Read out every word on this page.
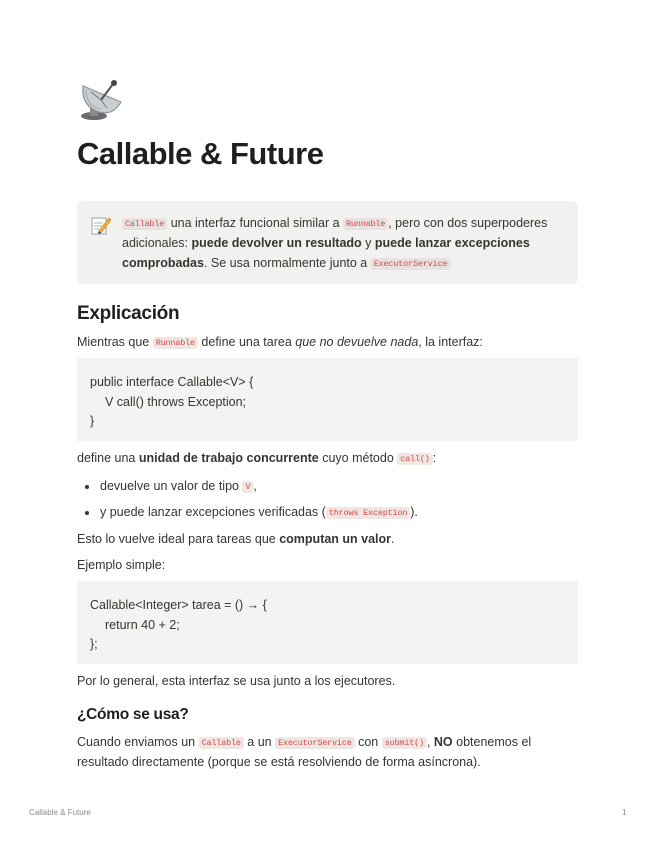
Callable & Future
Callable una interfaz funcional similar a Runnable , pero con dos superpoderes adicionales: puede devolver un resultado y puede lanzar excepciones comprobadas. Se usa normalmente junto a ExecutorService
Explicación

Mientras que Runnable define una tarea que no devuelve nada, la interfaz:

public interface Callable<V> {
V call() throws Exception;
}

define una unidad de trabajo concurrente cuyo método call() :

devuelve un valor de tipo V ,
y puede lanzar excepciones verificadas ( throws Exception ).

Esto lo vuelve ideal para tareas que computan un valor.

Ejemplo simple:

Callable<Integer> tarea = () → {
return 40 + 2;
};

Por lo general, esta interfaz se usa junto a los ejecutores.

¿Cómo se usa?

Cuando enviamos un Callable a un ExecutorService con submit() , NO obtenemos el resultado directamente (porque se está resolviendo de forma asíncrona).

Callable & Future	1
